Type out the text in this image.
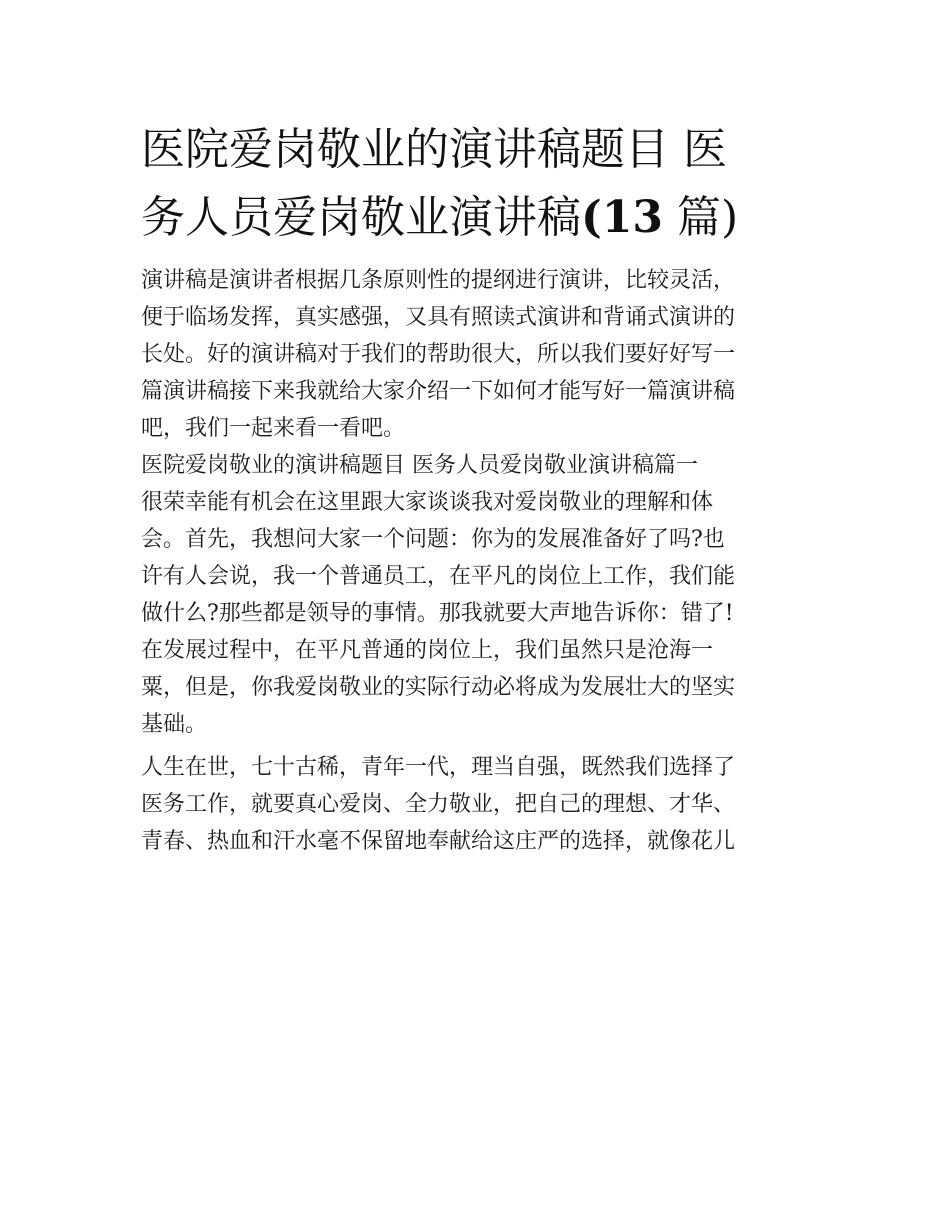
医院爱岗敬业的演讲稿题目 医
务人员爱岗敬业演讲稿(13 篇)

演讲稿是演讲者根据几条原则性的提纲进行演讲，比较灵活，
便于临场发挥，真实感强，又具有照读式演讲和背诵式演讲的
长处。好的演讲稿对于我们的帮助很大，所以我们要好好写一
篇演讲稿接下来我就给大家介绍一下如何才能写好一篇演讲稿
吧，我们一起来看一看吧。

医院爱岗敬业的演讲稿题目 医务人员爱岗敬业演讲稿篇一

很荣幸能有机会在这里跟大家谈谈我对爱岗敬业的理解和体
会。首先，我想问大家一个问题：你为的发展准备好了吗?也
许有人会说，我一个普通员工，在平凡的岗位上工作，我们能
做什么?那些都是领导的事情。那我就要大声地告诉你：错了!
在发展过程中，在平凡普通的岗位上，我们虽然只是沧海一
粟，但是，你我爱岗敬业的实际行动必将成为发展壮大的坚实
基础。

人生在世，七十古稀，青年一代，理当自强，既然我们选择了
医务工作，就要真心爱岗、全力敬业，把自己的理想、才华、
青春、热血和汗水毫不保留地奉献给这庄严的选择，就像花儿
